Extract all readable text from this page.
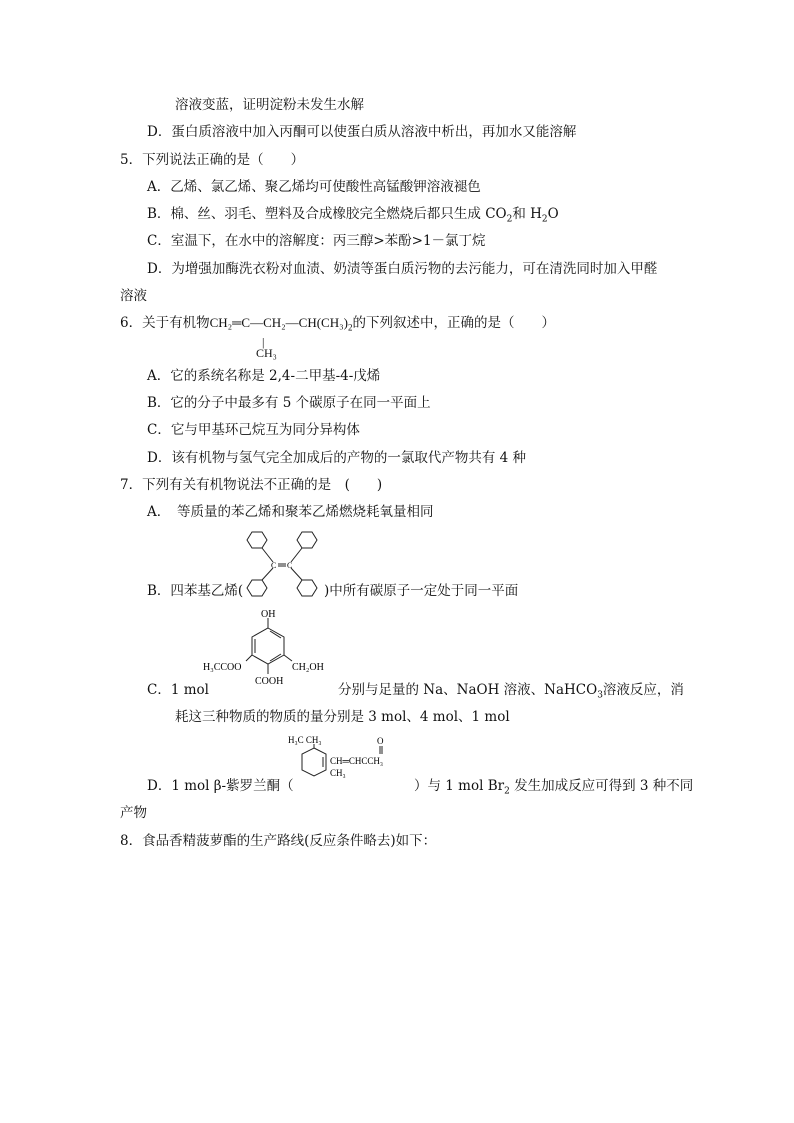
溶液变蓝，证明淀粉未发生水解
D．蛋白质溶液中加入丙酮可以使蛋白质从溶液中析出，再加水又能溶解
5．下列说法正确的是（　　）
A．乙烯、氯乙烯、聚乙烯均可使酸性高锰酸钾溶液褪色
B．棉、丝、羽毛、塑料及合成橡胶完全燃烧后都只生成 $CO_2$和 $H_2O$
C．室温下，在水中的溶解度：丙三醇>苯酚>1－氯丁烷
D．为增强加酶洗衣粉对血渍、奶渍等蛋白质污物的去污能力，可在清洗同时加入甲醛
溶液
6．关于有机物$CH_2═C—CH_2—CH(CH_3)_2$的下列叙述中，正确的是（　　）
|
CH₃
A．它的系统名称是 2,4-二甲基-4-戊烯
B．它的分子中最多有 5 个碳原子在同一平面上
C．它与甲基环己烷互为同分异构体
D．该有机物与氢气完全加成后的产物的一氯取代产物共有 4 种
7．下列有关有机物说法不正确的是　(　　)
A．　等质量的苯乙烯和聚苯乙烯燃烧耗氧量相同
C C
B．四苯基乙烯(	)中所有碳原子一定处于同一平面
OH
H₃CCOO	CH₂OH
COOH
C．1 mol	分别与足量的 Na、NaOH 溶液、NaHCO$_3$溶液反应，消
耗这三种物质的物质的量分别是 3 mol、4 mol、1 mol
H₃C CH₃	O
CH═CHCCH₃
CH₃
D．1 mol β-紫罗兰酮（	）与 1 mol $Br_2$ 发生加成反应可得到 3 种不同
产物
8．食品香精菠萝酯的生产路线(反应条件略去)如下：
